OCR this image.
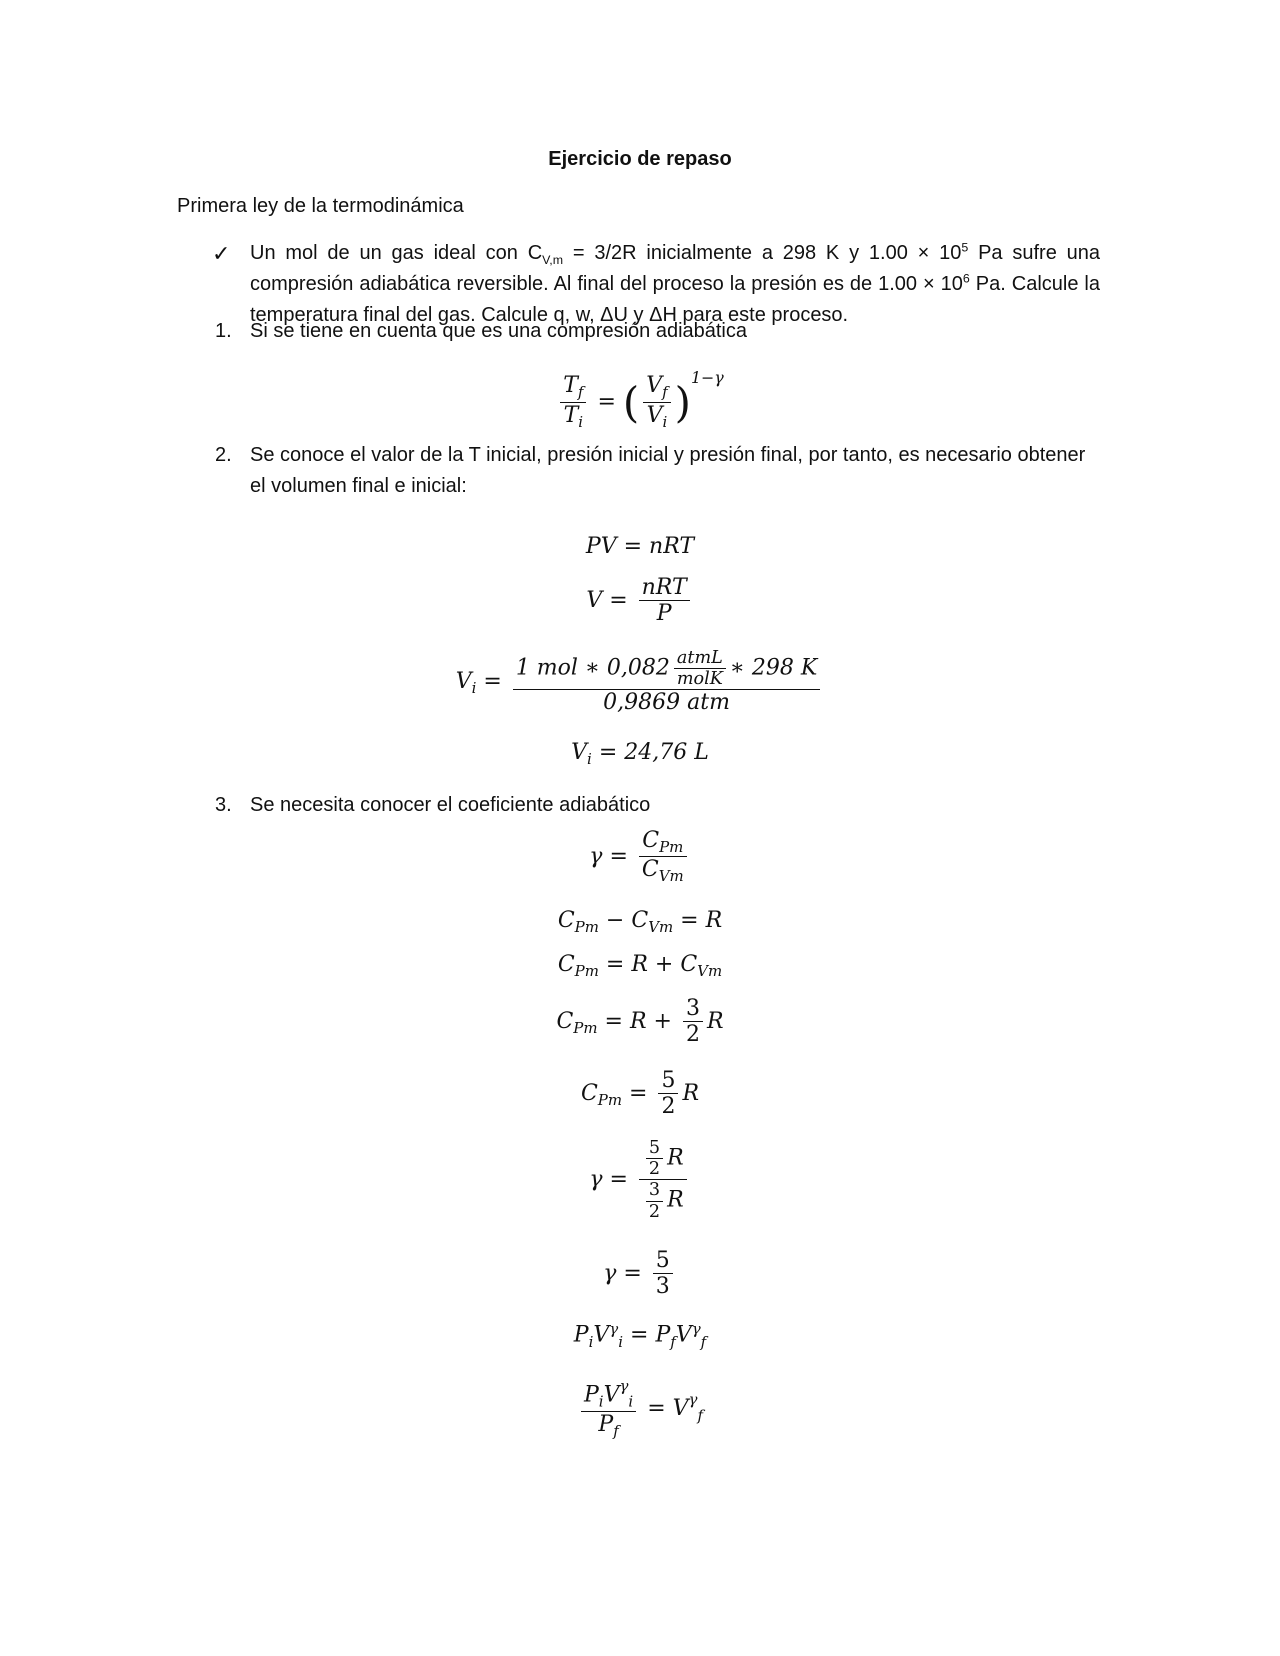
Ejercicio de repaso
Primera ley de la termodinámica
✓ Un mol de un gas ideal con $C_{V,m} = 3/2R$ inicialmente a 298 K y $1.00 \times 10^5$ Pa sufre una compresión adiabática reversible. Al final del proceso la presión es de $1.00 \times 10^6$ Pa. Calcule la temperatura final del gas. Calcule q, w, ΔU y ΔH para este proceso.
1. Si se tiene en cuenta que es una compresión adiabática
$\frac{T_f}{T_i}$ = ( $\frac{V_f}{V_i} )^{1-\gamma}$
2. Se conoce el valor de la T inicial, presión inicial y presión final, por tanto, es necesario obtener el volumen final e inicial:
PV = nRT
$V = \frac{\text{nRT}}{P}$
$V_i = \frac{1 mol ∗ 0,082 \frac{\text{atmL}}{\text{molK}} ∗ 298 K}{\text{0,9869 atm}}$
$V_i = 24,76$ L
3. Se necesita conocer el coeficiente adiabático
$\gamma = \frac{C_{Pm}}{C_{Vm}}$
$C_{Pm} - C_{Vm} = R$
$C_{Pm} = R + C_{Vm}$
$C_{Pm} = R + \frac{3}{2}$ R
$C_{Pm} = \frac{5}{2}$ R
$\gamma = \frac{\frac{5}{2} R}{\frac{3}{2} R}$
$\gamma = \frac{5}{3}$
$P_iV^\gamma_i = P_fV^\gamma_f$
$\frac{P_iV^\gamma_i}{P_f} = V^\gamma_f$
